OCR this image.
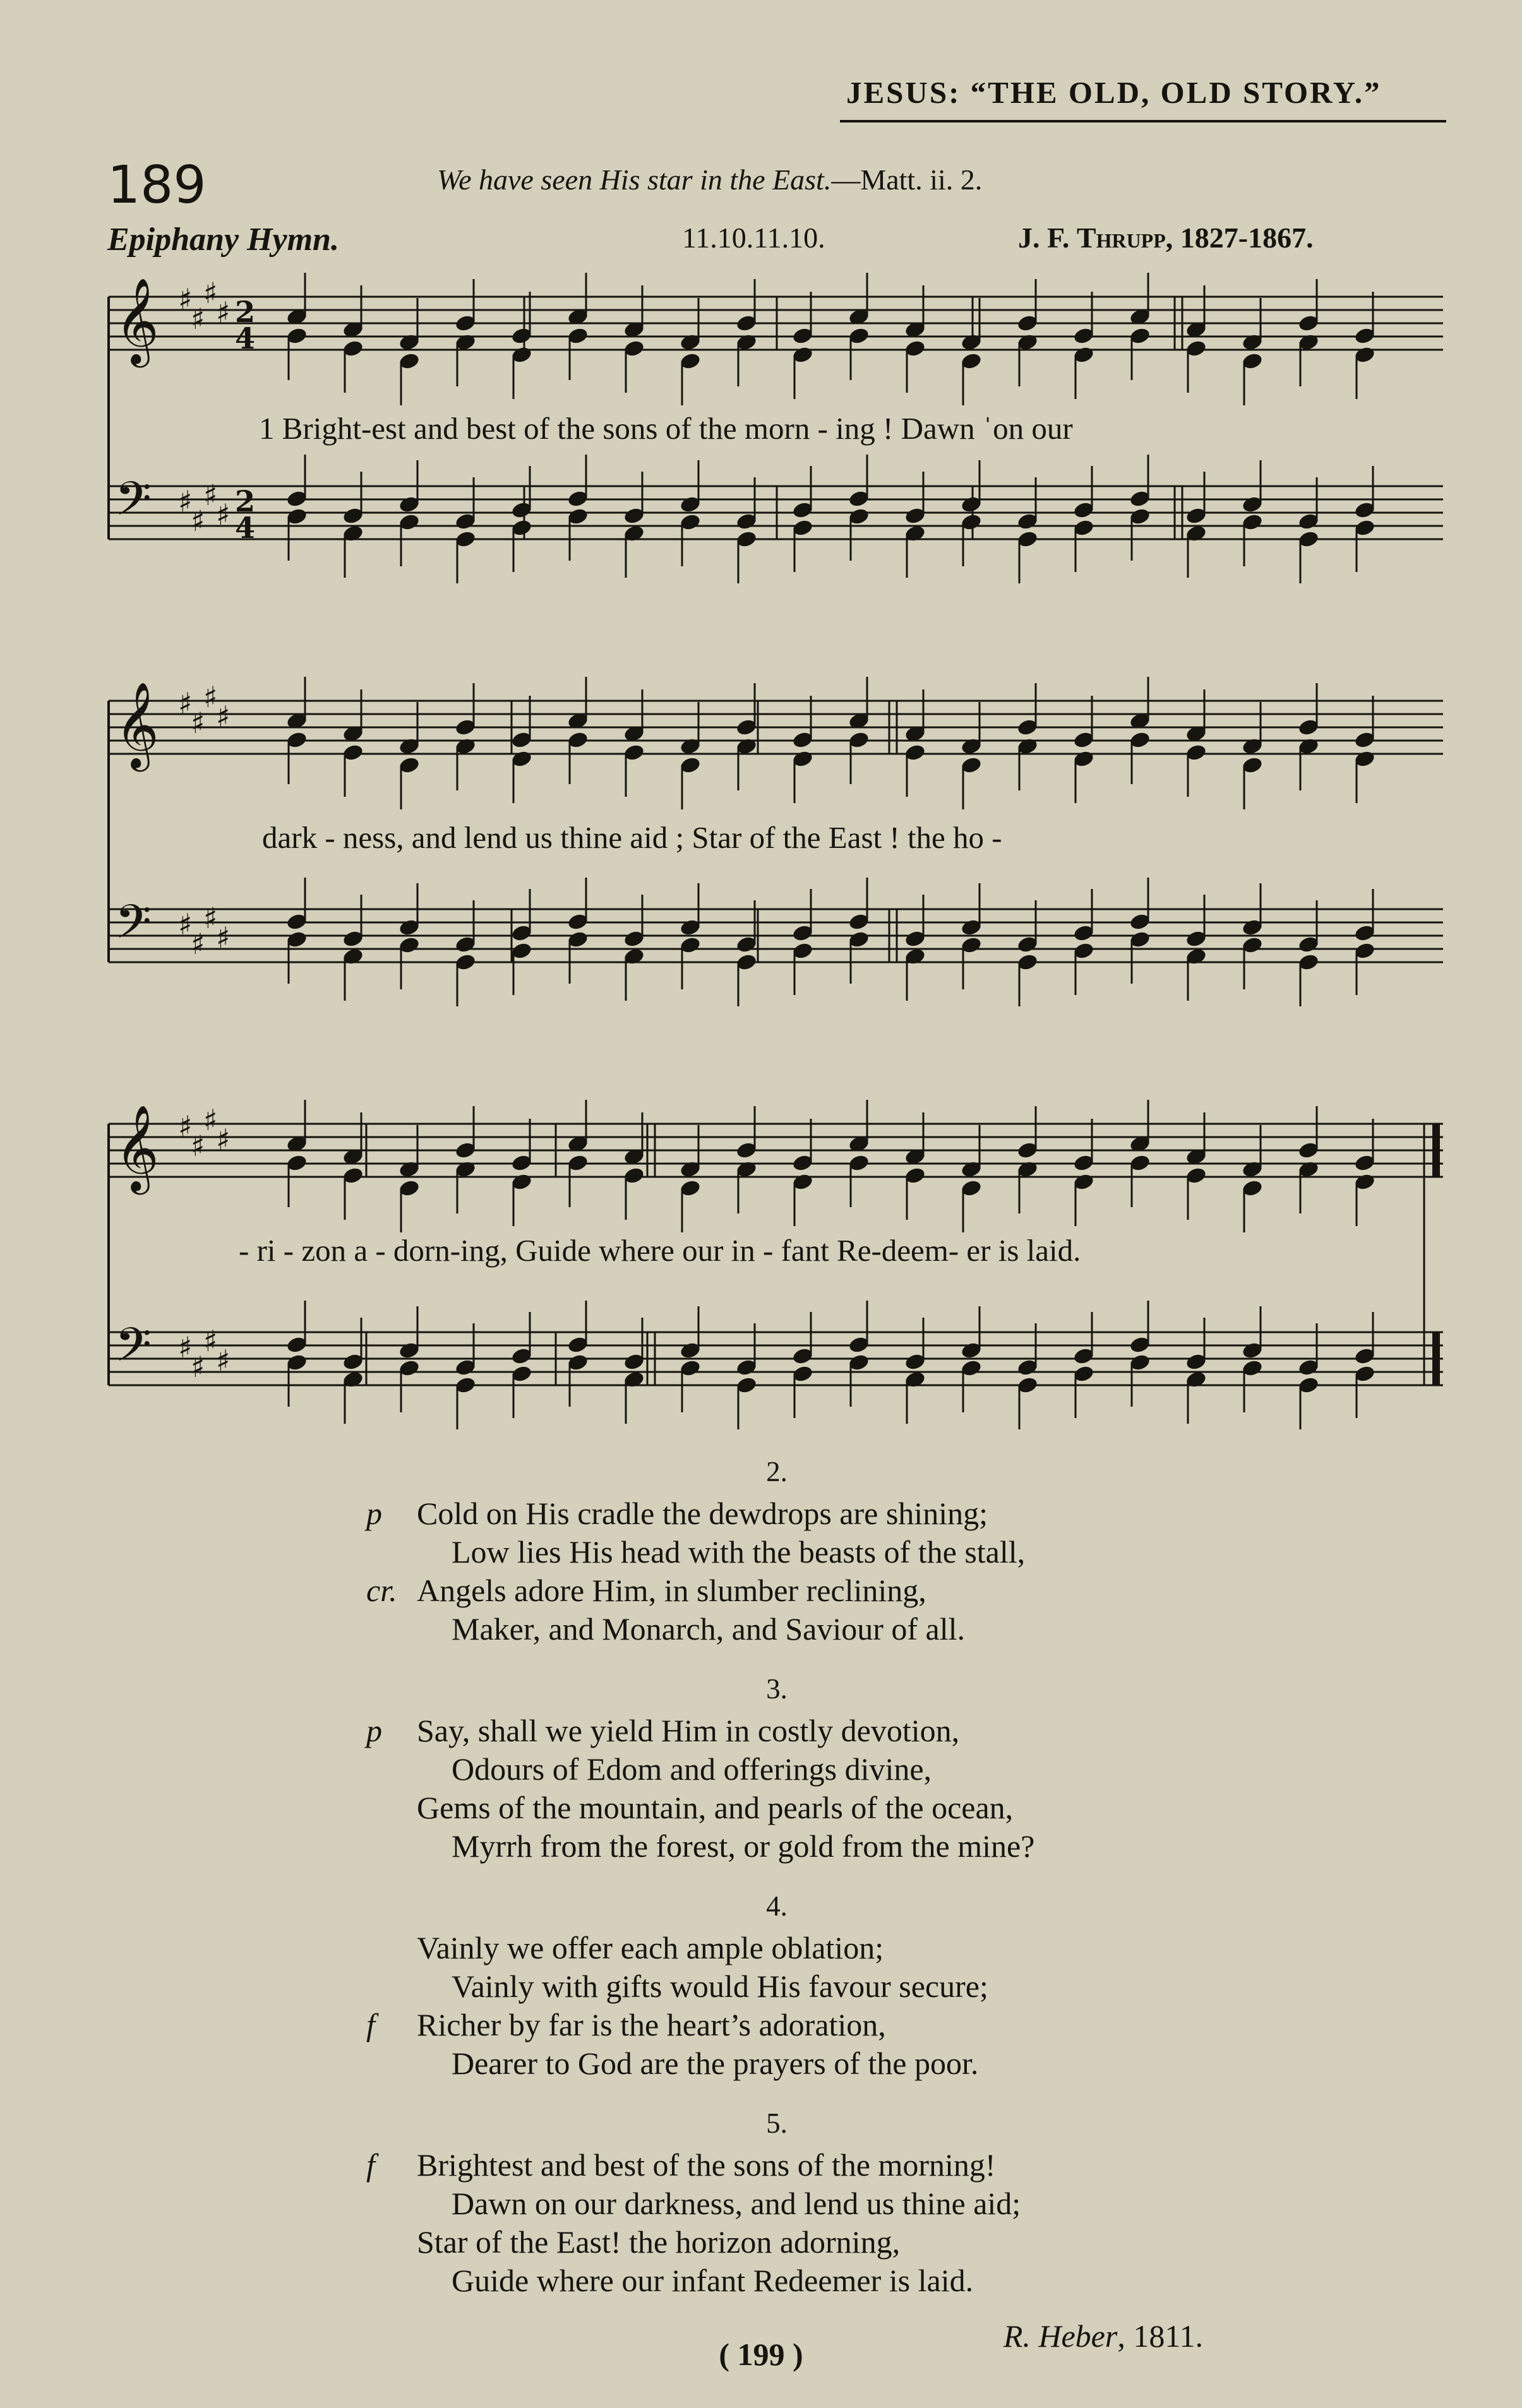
JESUS: “THE OLD, OLD STORY.”
189	We have seen His star in the East.—Matt. ii. 2.
Epiphany Hymn.	11.10.11.10.	J. F. Thrupp, 1827-1867.
𝄞
𝄢
♯
♯
♯
♯
♯
♯
♯
♯
2
4
2
4
1 Bright-est and best of the sons of the morn - ing ! Dawn ˈon our
𝄞
𝄢
♯
♯
♯
♯
♯
♯
♯
♯
dark - ness, and lend us thine aid ; Star of the East ! the ho -
𝄞
𝄢
♯
♯
♯
♯
♯
♯
♯
♯
- ri - zon a - dorn-ing, Guide where our in - fant Re-deem- er is laid.
2.
p Cold on His cradle the dewdrops are shining;
Low lies His head with the beasts of the stall,
cr. Angels adore Him, in slumber reclining,
Maker, and Monarch, and Saviour of all.
3.
p Say, shall we yield Him in costly devotion,
Odours of Edom and offerings divine,
Gems of the mountain, and pearls of the ocean,
Myrrh from the forest, or gold from the mine?
4.
Vainly we offer each ample oblation;
Vainly with gifts would His favour secure;
f Richer by far is the heart’s adoration,
Dearer to God are the prayers of the poor.
5.
f Brightest and best of the sons of the morning!
Dawn on our darkness, and lend us thine aid;
Star of the East! the horizon adorning,
Guide where our infant Redeemer is laid.
R. Heber, 1811.
( 199 )
